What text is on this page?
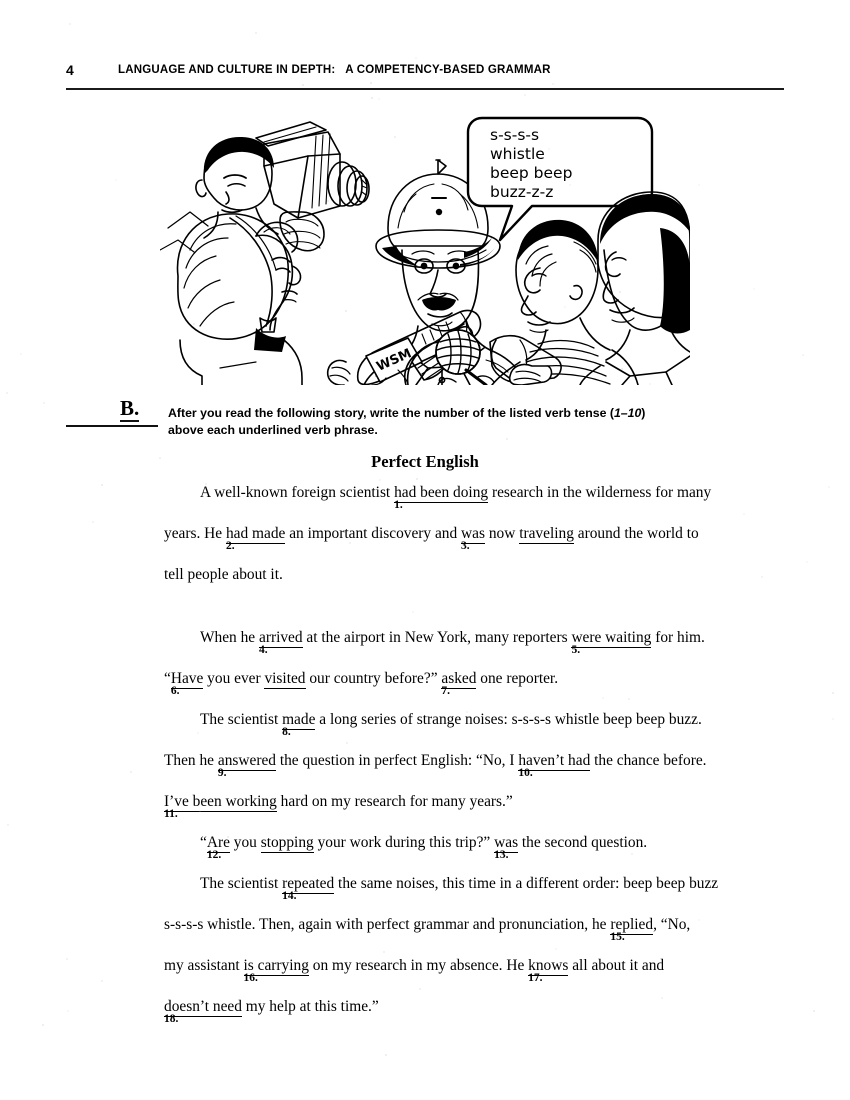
4	LANGUAGE AND CULTURE IN DEPTH:   A COMPETENCY-BASED GRAMMAR
WSM
s-s-s-s
whistle
beep beep
buzz-z-z
B. After you read the following story, write the number of the listed verb tense (1–10)
above each underlined verb phrase.
Perfect English
A well-known foreign scientist had been doing
1.
research in the wilderness for many
years. He had made
2.
an important discovery and was
3.
now traveling around the world to
tell people about it.
When he arrived
4.
at the airport in New York, many reporters were waiting
5.
for him.
“Have
6.
you ever visited our country before?” asked
7.
one reporter.
The scientist made
8.
a long series of strange noises: s-s-s-s whistle beep beep buzz.
Then he answered
9.
the question in perfect English: “No, I haven’t had
10.
the chance before.
I’ve been working
11.
hard on my research for many years.”
“Are
12.
you stopping your work during this trip?” was
13.
the second question.
The scientist repeated
14.
the same noises, this time in a different order: beep beep buzz
s-s-s-s whistle. Then, again with perfect grammar and pronunciation, he replied
15.
, “No,
my assistant is carrying
16.
on my research in my absence. He knows
17.
all about it and
doesn’t need
18.
my help at this time.”
